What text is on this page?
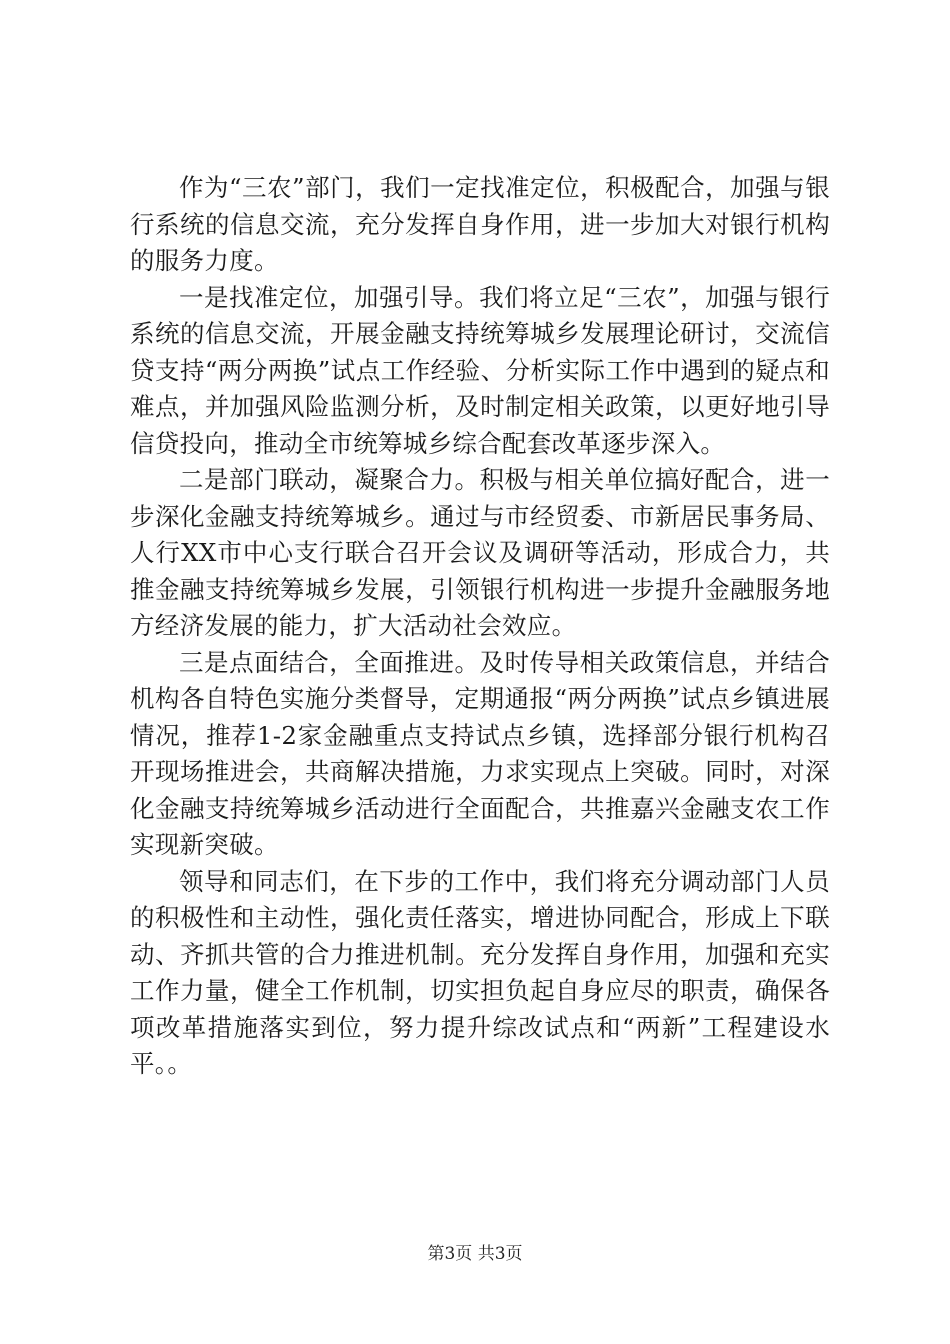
作为“三农”部门，我们一定找准定位，积极配合，加强与银行系统的信息交流，充分发挥自身作用，进一步加大对银行机构的服务力度。

一是找准定位，加强引导。我们将立足“三农”，加强与银行系统的信息交流，开展金融支持统筹城乡发展理论研讨，交流信贷支持“两分两换”试点工作经验、分析实际工作中遇到的疑点和难点，并加强风险监测分析，及时制定相关政策，以更好地引导信贷投向，推动全市统筹城乡综合配套改革逐步深入。

二是部门联动，凝聚合力。积极与相关单位搞好配合，进一步深化金融支持统筹城乡。通过与市经贸委、市新居民事务局、人行XX市中心支行联合召开会议及调研等活动，形成合力，共推金融支持统筹城乡发展，引领银行机构进一步提升金融服务地方经济发展的能力，扩大活动社会效应。

三是点面结合，全面推进。及时传导相关政策信息，并结合机构各自特色实施分类督导，定期通报“两分两换”试点乡镇进展情况，推荐1-2家金融重点支持试点乡镇，选择部分银行机构召开现场推进会，共商解决措施，力求实现点上突破。同时，对深化金融支持统筹城乡活动进行全面配合，共推嘉兴金融支农工作实现新突破。

领导和同志们，在下步的工作中，我们将充分调动部门人员的积极性和主动性，强化责任落实，增进协同配合，形成上下联动、齐抓共管的合力推进机制。充分发挥自身作用，加强和充实工作力量，健全工作机制，切实担负起自身应尽的职责，确保各项改革措施落实到位，努力提升综改试点和“两新”工程建设水平。。

第3页 共3页
